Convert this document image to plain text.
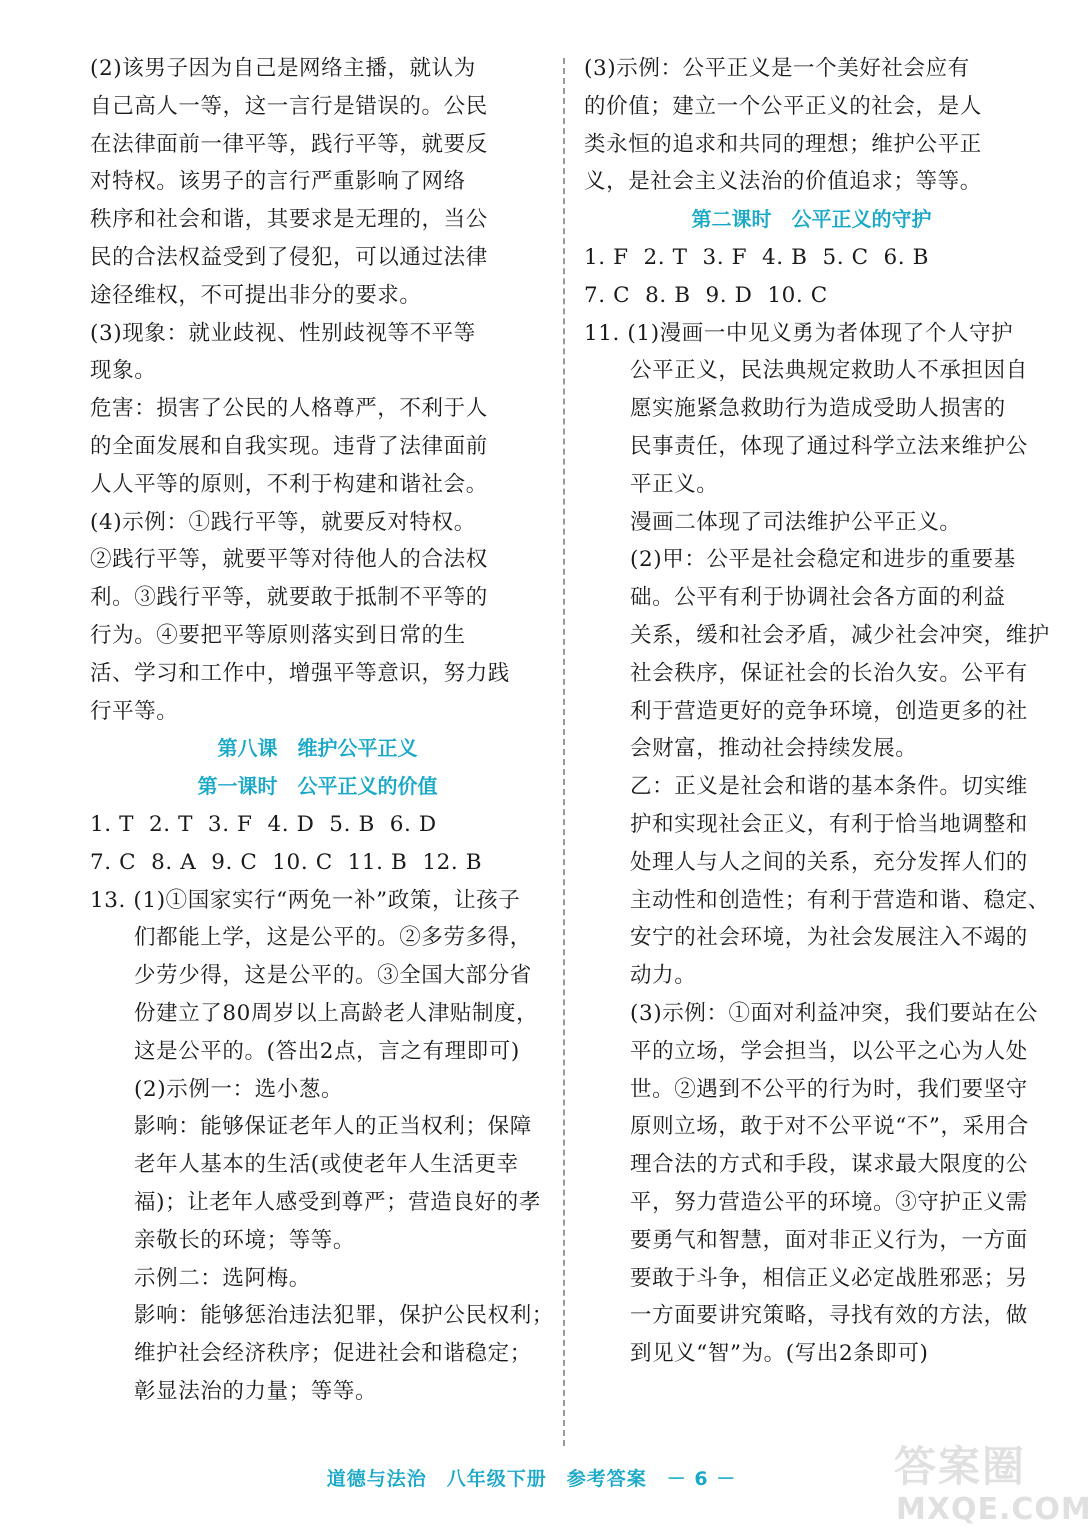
(2)该男子因为自己是网络主播，就认为
自己高人一等，这一言行是错误的。公民
在法律面前一律平等，践行平等，就要反
对特权。该男子的言行严重影响了网络
秩序和社会和谐，其要求是无理的，当公
民的合法权益受到了侵犯，可以通过法律
途径维权，不可提出非分的要求。
(3)现象：就业歧视、性别歧视等不平等
现象。
危害：损害了公民的人格尊严，不利于人
的全面发展和自我实现。违背了法律面前
人人平等的原则，不利于构建和谐社会。
(4)示例：①践行平等，就要反对特权。
②践行平等，就要平等对待他人的合法权
利。③践行平等，就要敢于抵制不平等的
行为。④要把平等原则落实到日常的生
活、学习和工作中，增强平等意识，努力践
行平等。
第八课　维护公平正义
第一课时　公平正义的价值
1. T  2. T  3. F  4. D  5. B  6. D
7. C  8. A  9. C  10. C  11. B  12. B
13. (1)①国家实行“两免一补”政策，让孩子
们都能上学，这是公平的。②多劳多得，
少劳少得，这是公平的。③全国大部分省
份建立了80周岁以上高龄老人津贴制度，
这是公平的。(答出2点，言之有理即可)
(2)示例一：选小葱。
影响：能够保证老年人的正当权利；保障
老年人基本的生活(或使老年人生活更幸
福)；让老年人感受到尊严；营造良好的孝
亲敬长的环境；等等。
示例二：选阿梅。
影响：能够惩治违法犯罪，保护公民权利；
维护社会经济秩序；促进社会和谐稳定；
彰显法治的力量；等等。
(3)示例：公平正义是一个美好社会应有
的价值；建立一个公平正义的社会，是人
类永恒的追求和共同的理想；维护公平正
义，是社会主义法治的价值追求；等等。
第二课时　公平正义的守护
1. F  2. T  3. F  4. B  5. C  6. B
7. C  8. B  9. D  10. C
11. (1)漫画一中见义勇为者体现了个人守护
公平正义，民法典规定救助人不承担因自
愿实施紧急救助行为造成受助人损害的
民事责任，体现了通过科学立法来维护公
平正义。
漫画二体现了司法维护公平正义。
(2)甲：公平是社会稳定和进步的重要基
础。公平有利于协调社会各方面的利益
关系，缓和社会矛盾，减少社会冲突，维护
社会秩序，保证社会的长治久安。公平有
利于营造更好的竞争环境，创造更多的社
会财富，推动社会持续发展。
乙：正义是社会和谐的基本条件。切实维
护和实现社会正义，有利于恰当地调整和
处理人与人之间的关系，充分发挥人们的
主动性和创造性；有利于营造和谐、稳定、
安宁的社会环境，为社会发展注入不竭的
动力。
(3)示例：①面对利益冲突，我们要站在公
平的立场，学会担当，以公平之心为人处
世。②遇到不公平的行为时，我们要坚守
原则立场，敢于对不公平说“不”，采用合
理合法的方式和手段，谋求最大限度的公
平，努力营造公平的环境。③守护正义需
要勇气和智慧，面对非正义行为，一方面
要敢于斗争，相信正义必定战胜邪恶；另
一方面要讲究策略，寻找有效的方法，做
到见义“智”为。(写出2条即可)
道德与法治 八年级下册 参考答案 － 6 －	答案圈
MXQE.COM
